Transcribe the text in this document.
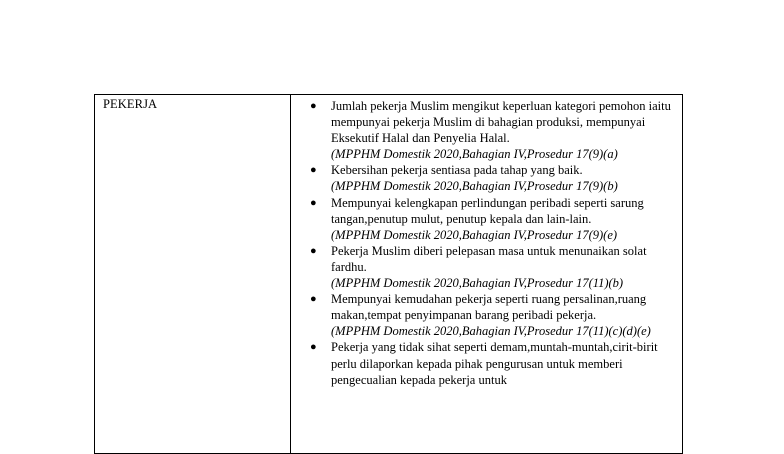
PEKERJA	● Jumlah pekerja Muslim mengikut keperluan kategori pemohon iaitu mempunyai pekerja Muslim di bahagian produksi, mempunyai Eksekutif Halal dan Penyelia Halal.
(MPPHM Domestik 2020,Bahagian IV,Prosedur 17(9)(a)
● Kebersihan pekerja sentiasa pada tahap yang baik.
(MPPHM Domestik 2020,Bahagian IV,Prosedur 17(9)(b)
● Mempunyai kelengkapan perlindungan peribadi seperti sarung tangan,penutup mulut, penutup kepala dan lain-lain.
(MPPHM Domestik 2020,Bahagian IV,Prosedur 17(9)(e)
● Pekerja Muslim diberi pelepasan masa untuk menunaikan solat fardhu.
(MPPHM Domestik 2020,Bahagian IV,Prosedur 17(11)(b)
● Mempunyai kemudahan pekerja seperti ruang persalinan,ruang makan,tempat penyimpanan barang peribadi pekerja.
(MPPHM Domestik 2020,Bahagian IV,Prosedur 17(11)(c)(d)(e)
● Pekerja yang tidak sihat seperti demam,muntah-muntah,cirit-birit perlu dilaporkan kepada pihak pengurusan untuk memberi pengecualian kepada pekerja untuk
